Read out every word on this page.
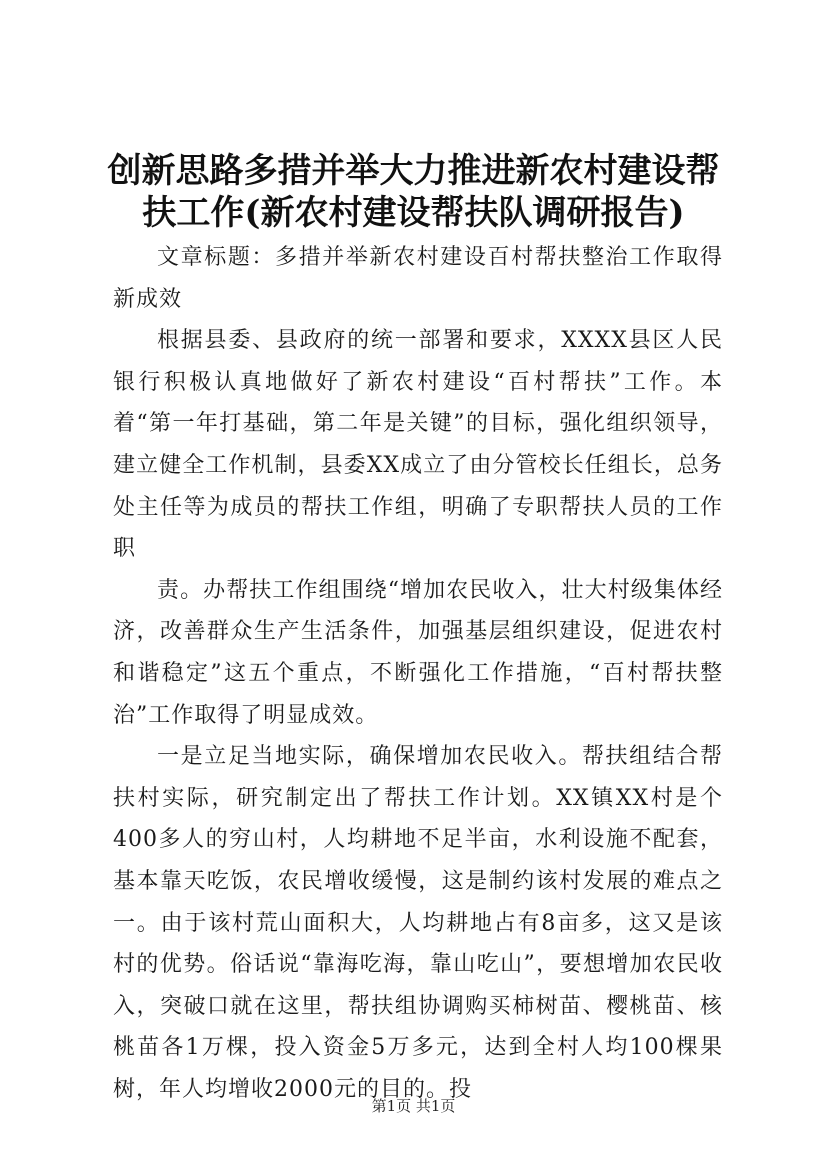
创新思路多措并举大力推进新农村建设帮扶工作(新农村建设帮扶队调研报告)

文章标题：多措并举新农村建设百村帮扶整治工作取得新成效

根据县委、县政府的统一部署和要求，XXXX县区人民银行积极认真地做好了新农村建设“百村帮扶”工作。本着“第一年打基础，第二年是关键”的目标，强化组织领导，建立健全工作机制，县委XX成立了由分管校长任组长，总务处主任等为成员的帮扶工作组，明确了专职帮扶人员的工作职

责。办帮扶工作组围绕“增加农民收入，壮大村级集体经济，改善群众生产生活条件，加强基层组织建设，促进农村和谐稳定”这五个重点，不断强化工作措施，“百村帮扶整治”工作取得了明显成效。

一是立足当地实际，确保增加农民收入。帮扶组结合帮扶村实际，研究制定出了帮扶工作计划。XX镇XX村是个400多人的穷山村，人均耕地不足半亩，水利设施不配套，基本靠天吃饭，农民增收缓慢，这是制约该村发展的难点之一。由于该村荒山面积大，人均耕地占有8亩多，这又是该村的优势。俗话说“靠海吃海，靠山吃山”，要想增加农民收入，突破口就在这里，帮扶组协调购买柿树苗、樱桃苗、核桃苗各1万棵，投入资金5万多元，达到全村人均100棵果树，年人均增收2000元的目的。投

第1页 共1页
